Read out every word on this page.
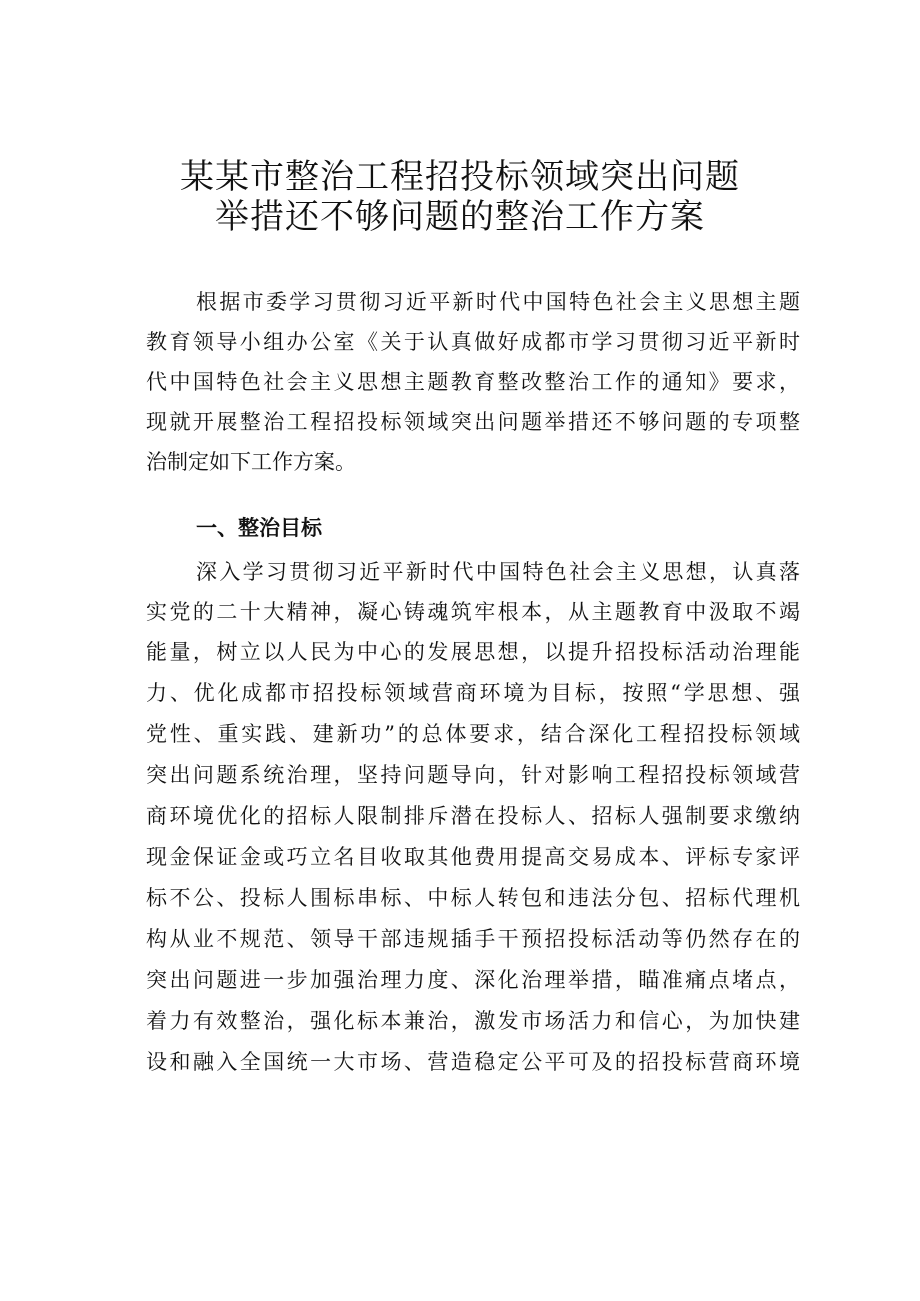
某某市整治工程招投标领域突出问题
举措还不够问题的整治工作方案
根据市委学习贯彻习近平新时代中国特色社会主义思想主题
教育领导小组办公室《关于认真做好成都市学习贯彻习近平新时
代中国特色社会主义思想主题教育整改整治工作的通知》要求，
现就开展整治工程招投标领域突出问题举措还不够问题的专项整
治制定如下工作方案。
一、整治目标
深入学习贯彻习近平新时代中国特色社会主义思想，认真落
实党的二十大精神，凝心铸魂筑牢根本，从主题教育中汲取不竭
能量，树立以人民为中心的发展思想，以提升招投标活动治理能
力、优化成都市招投标领域营商环境为目标，按照“学思想、强
党性、重实践、建新功”的总体要求，结合深化工程招投标领域
突出问题系统治理，坚持问题导向，针对影响工程招投标领域营
商环境优化的招标人限制排斥潜在投标人、招标人强制要求缴纳
现金保证金或巧立名目收取其他费用提高交易成本、评标专家评
标不公、投标人围标串标、中标人转包和违法分包、招标代理机
构从业不规范、领导干部违规插手干预招投标活动等仍然存在的
突出问题进一步加强治理力度、深化治理举措，瞄准痛点堵点，
着力有效整治，强化标本兼治，激发市场活力和信心，为加快建
设和融入全国统一大市场、营造稳定公平可及的招投标营商环境
